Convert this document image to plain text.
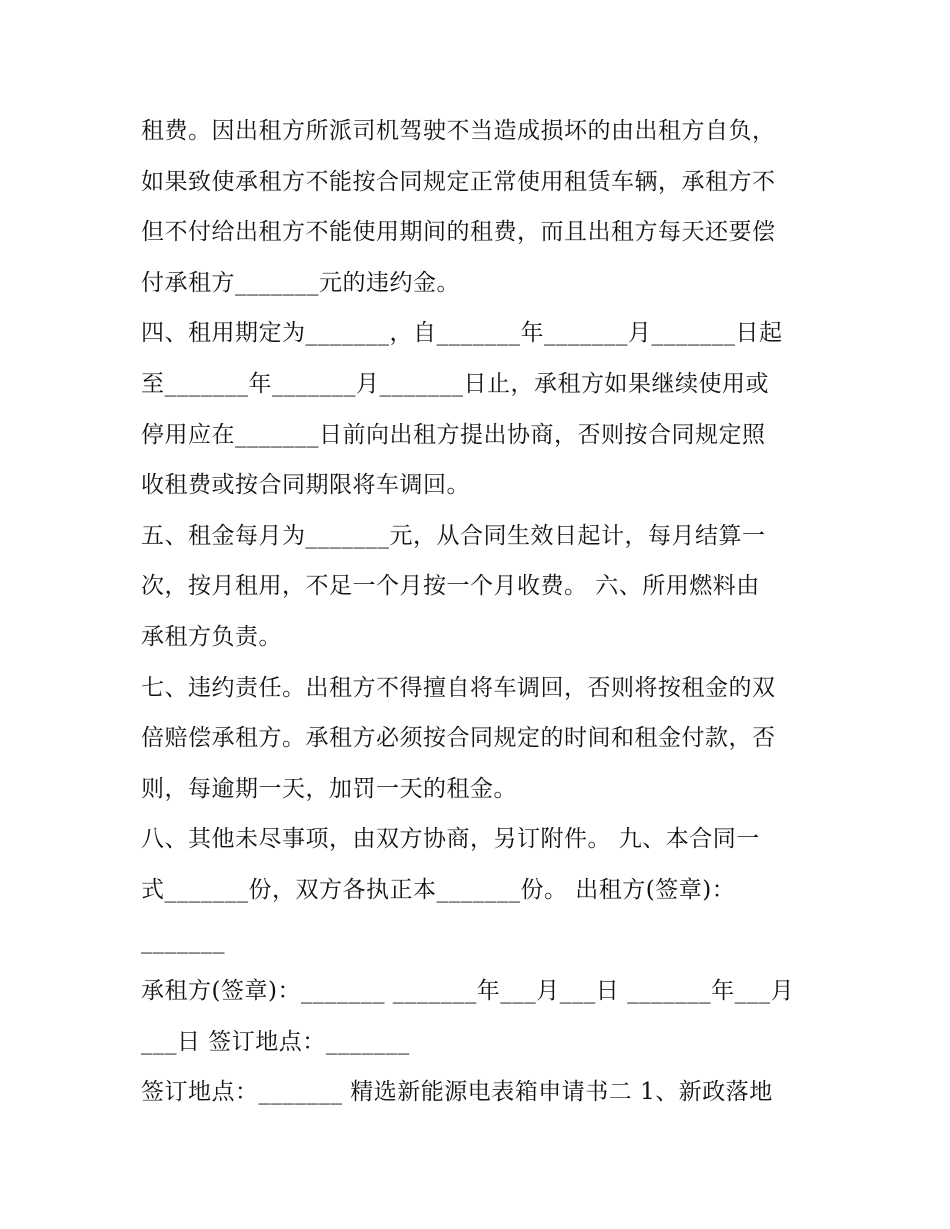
租费。因出租方所派司机驾驶不当造成损坏的由出租方自负，
如果致使承租方不能按合同规定正常使用租赁车辆，承租方不
但不付给出租方不能使用期间的租费，而且出租方每天还要偿
付承租方_______元的违约金。
四、租用期定为_______，自_______年_______月_______日起
至_______年_______月_______日止，承租方如果继续使用或
停用应在_______日前向出租方提出协商，否则按合同规定照
收租费或按合同期限将车调回。
五、租金每月为_______元，从合同生效日起计，每月结算一
次，按月租用，不足一个月按一个月收费。 六、所用燃料由
承租方负责。
七、违约责任。出租方不得擅自将车调回，否则将按租金的双
倍赔偿承租方。承租方必须按合同规定的时间和租金付款，否
则，每逾期一天，加罚一天的租金。
八、其他未尽事项，由双方协商，另订附件。 九、本合同一
式_______份，双方各执正本_______份。 出租方(签章)：
_______
承租方(签章)：_______ _______年___月___日 _______年___月
___日 签订地点：_______
签订地点：_______ 精选新能源电表箱申请书二 1、新政落地
